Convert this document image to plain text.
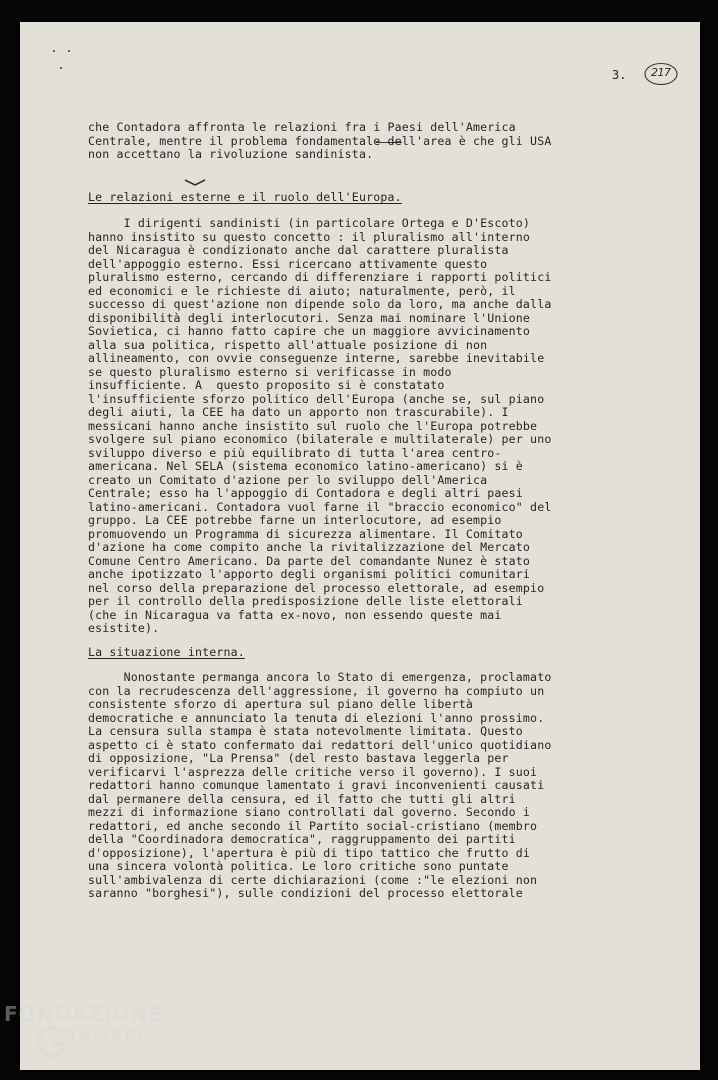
3. 217
che Contadora affronta le relazioni fra i Paesi dell'America
Centrale, mentre il problema fondamentale dell'area è che gli USA
non accettano la rivoluzione sandinista.
Le relazioni esterne e il ruolo dell'Europa.
I dirigenti sandinisti (in particolare Ortega e D'Escoto)
hanno insistito su questo concetto : il pluralismo all'interno
del Nicaragua è condizionato anche dal carattere pluralista
dell'appoggio esterno. Essi ricercano attivamente questo
pluralismo esterno, cercando di differenziare i rapporti politici
ed economici e le richieste di aiuto; naturalmente, però, il
successo di quest'azione non dipende solo da loro, ma anche dalla
disponibilità degli interlocutori. Senza mai nominare l'Unione
Sovietica, ci hanno fatto capire che un maggiore avvicinamento
alla sua politica, rispetto all'attuale posizione di non
allineamento, con ovvie conseguenze interne, sarebbe inevitabile
se questo pluralismo esterno si verificasse in modo
insufficiente. A  questo proposito si è constatato
l'insufficiente sforzo politico dell'Europa (anche se, sul piano
degli aiuti, la CEE ha dato un apporto non trascurabile). I
messicani hanno anche insistito sul ruolo che l'Europa potrebbe
svolgere sul piano economico (bilaterale e multilaterale) per uno
sviluppo diverso e più equilibrato di tutta l'area centro-
americana. Nel SELA (sistema economico latino-americano) si è
creato un Comitato d'azione per lo sviluppo dell'America
Centrale; esso ha l'appoggio di Contadora e degli altri paesi
latino-americani. Contadora vuol farne il "braccio economico" del
gruppo. La CEE potrebbe farne un interlocutore, ad esempio
promuovendo un Programma di sicurezza alimentare. Il Comitato
d'azione ha come compito anche la rivitalizzazione del Mercato
Comune Centro Americano. Da parte del comandante Nunez è stato
anche ipotizzato l'apporto degli organismi politici comunitari
nel corso della preparazione del processo elettorale, ad esempio
per il controllo della predisposizione delle liste elettorali
(che in Nicaragua va fatta ex-novo, non essendo queste mai
esistite).
La situazione interna.
Nonostante permanga ancora lo Stato di emergenza, proclamato
con la recrudescenza dell'aggressione, il governo ha compiuto un
consistente sforzo di apertura sul piano delle libertà
democratiche e annunciato la tenuta di elezioni l'anno prossimo.
La censura sulla stampa è stata notevolmente limitata. Questo
aspetto ci è stato confermato dai redattori dell'unico quotidiano
di opposizione, "La Prensa" (del resto bastava leggerla per
verificarvi l'asprezza delle critiche verso il governo). I suoi
redattori hanno comunque lamentato i gravi inconvenienti causati
dal permanere della censura, ed il fatto che tutti gli altri
mezzi di informazione siano controllati dal governo. Secondo i
redattori, ed anche secondo il Partito social-cristiano (membro
della "Coordinadora democratica", raggruppamento dei partiti
d'opposizione), l'apertura è più di tipo tattico che frutto di
una sincera volontà politica. Le loro critiche sono puntate
sull'ambivalenza di certe dichiarazioni (come :"le elezioni non
saranno "borghesi"), sulle condizioni del processo elettorale
FONDAZIONE
RAMSCI
onlus
